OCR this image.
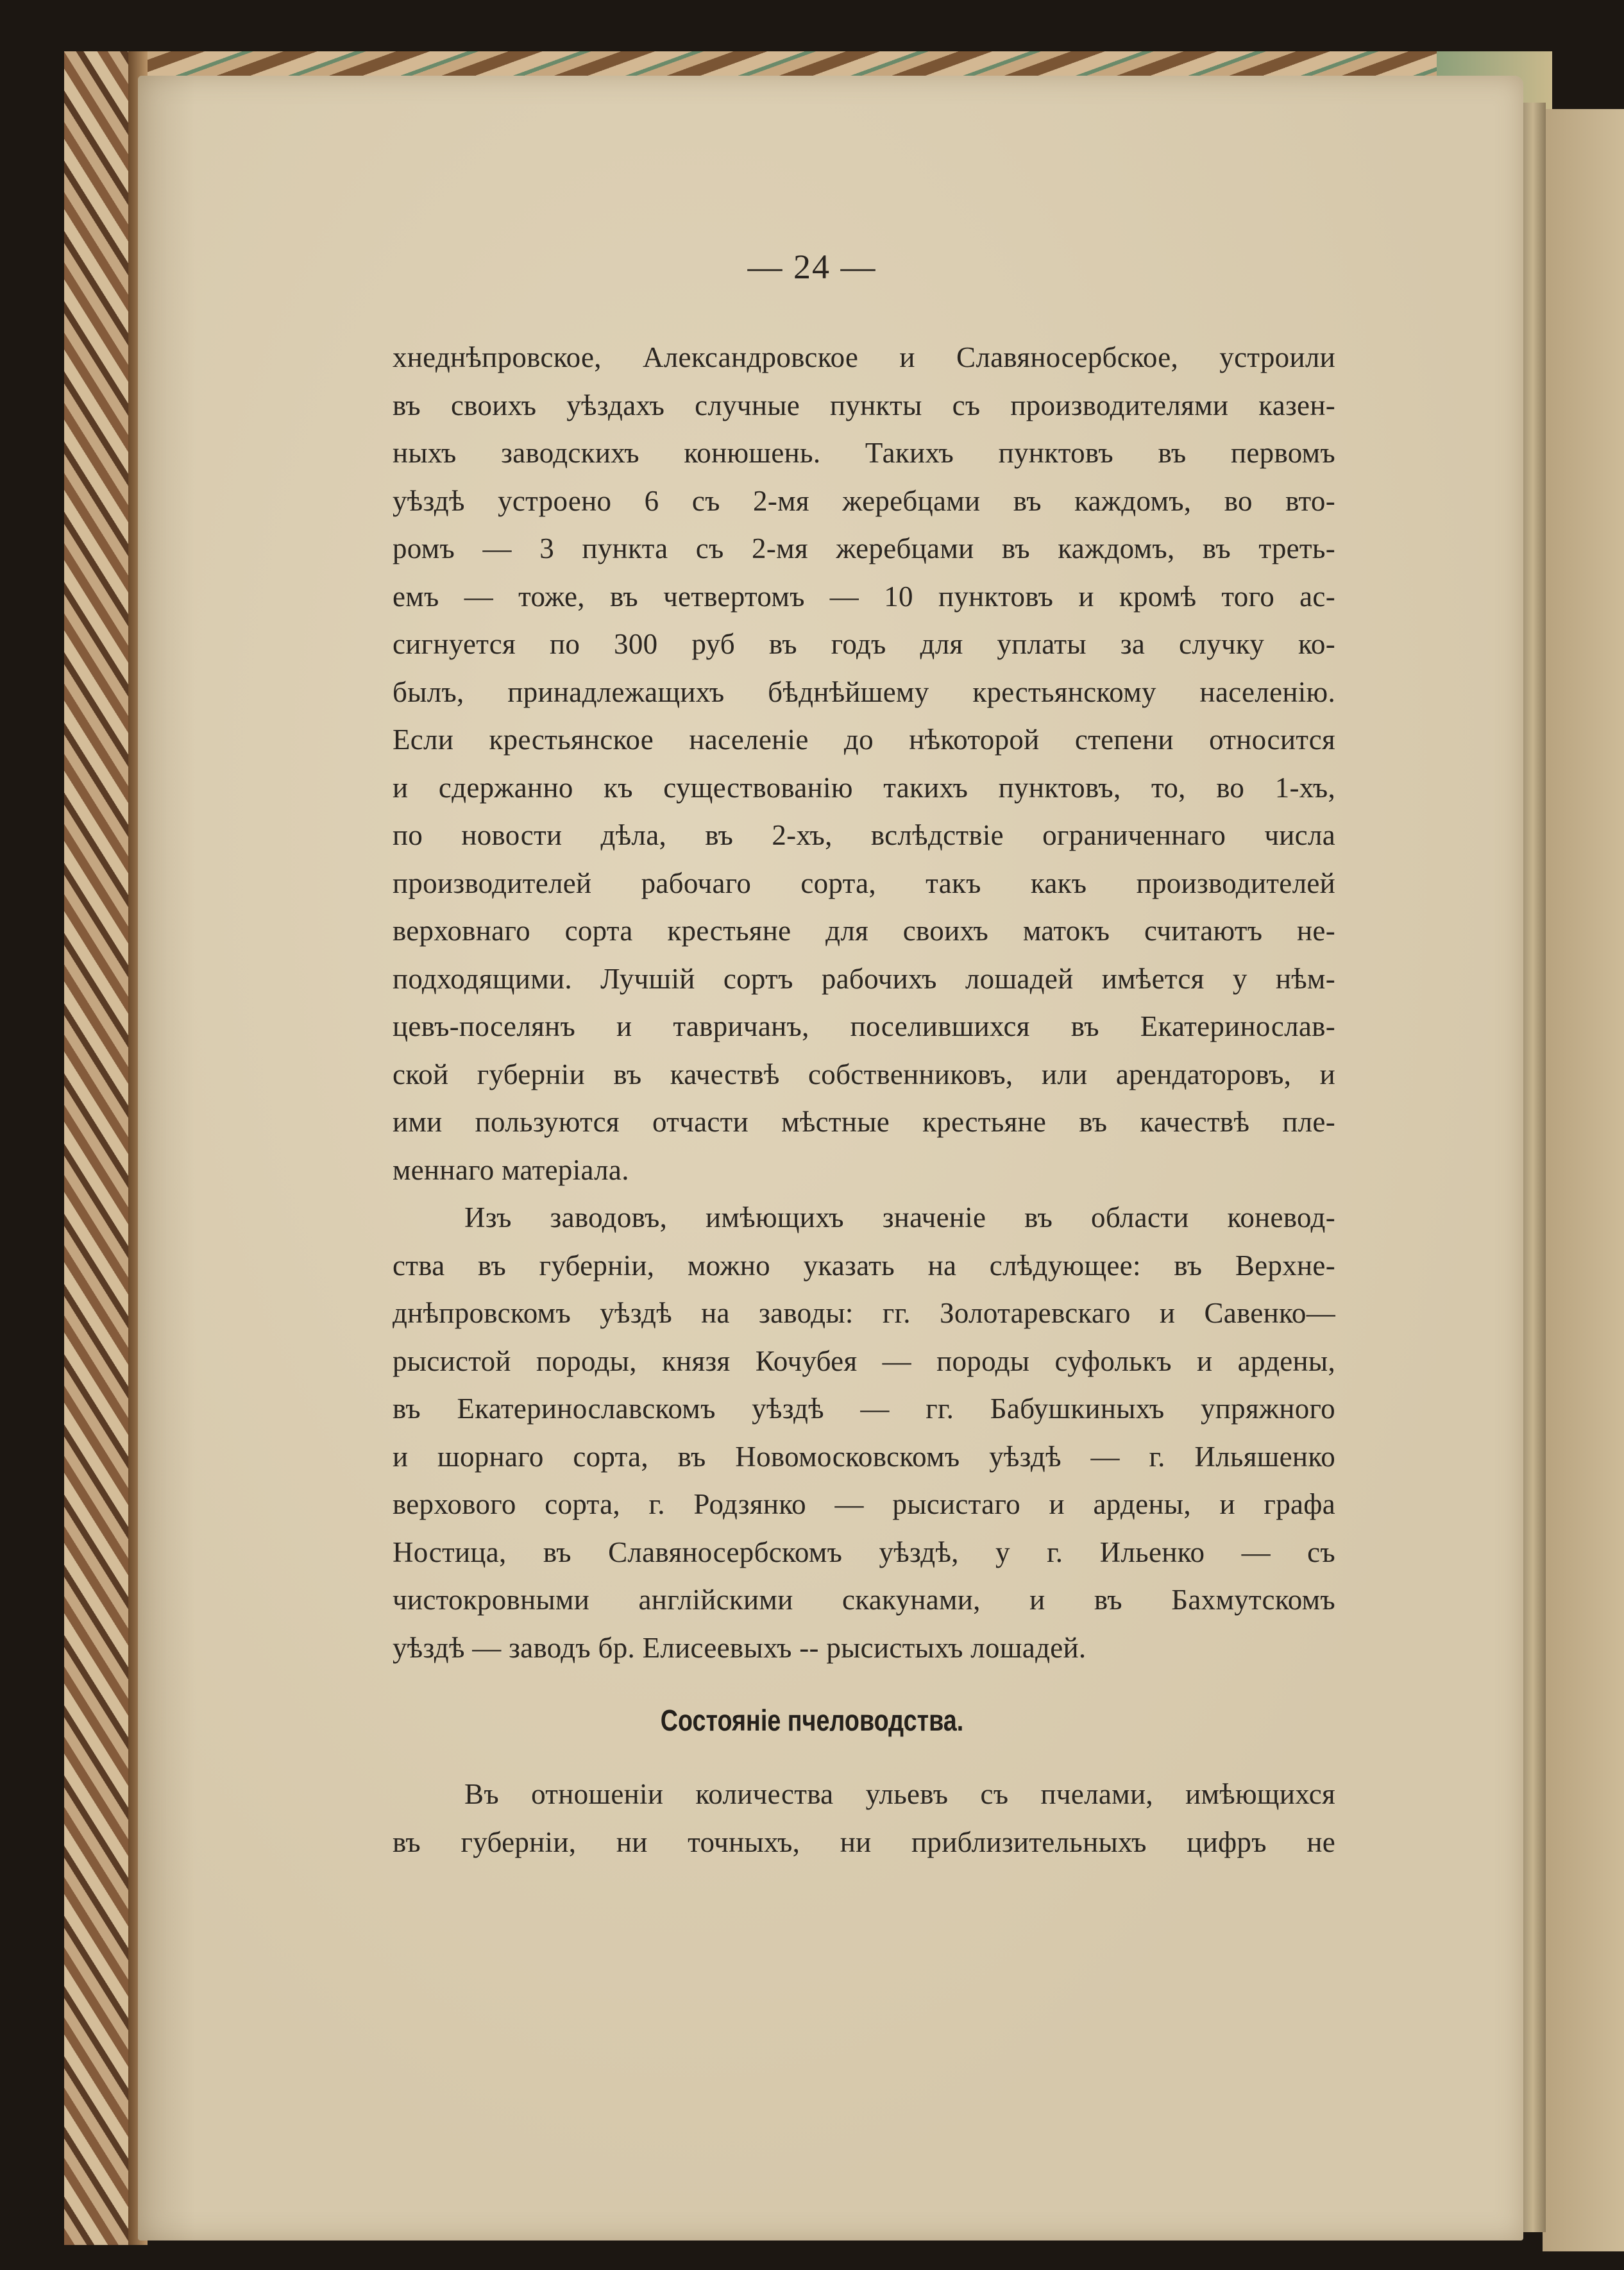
— 24 —
хнеднѣпровское, Александровское и Славяносербское, устроили
въ своихъ уѣздахъ случные пункты съ производителями казен-
ныхъ заводскихъ конюшень. Такихъ пунктовъ въ первомъ
уѣздѣ устроено 6 съ 2-мя жеребцами въ каждомъ, во вто-
ромъ — 3 пункта съ 2-мя жеребцами въ каждомъ, въ треть-
емъ — тоже, въ четвертомъ — 10 пунктовъ и кромѣ того ас-
сигнуется по 300 руб въ годъ для уплаты за случку ко-
былъ, принадлежащихъ бѣднѣйшему крестьянскому населенію.
Если крестьянское населеніе до нѣкоторой степени относится
и сдержанно къ существованію такихъ пунктовъ, то, во 1-хъ,
по новости дѣла, въ 2-хъ, вслѣдствіе ограниченнаго числа
производителей рабочаго сорта, такъ какъ производителей
верховнаго сорта крестьяне для своихъ матокъ считаютъ не-
подходящими. Лучшій сортъ рабочихъ лошадей имѣется у нѣм-
цевъ-поселянъ и тавричанъ, поселившихся въ Екатеринослав-
ской губерніи въ качествѣ собственниковъ, или арендаторовъ, и
ими пользуются отчасти мѣстные крестьяне въ качествѣ пле-
меннаго матеріала.
Изъ заводовъ, имѣющихъ значеніе въ области коневод-
ства въ губерніи, можно указать на слѣдующее: въ Верхне-
днѣпровскомъ уѣздѣ на заводы: гг. Золотаревскаго и Савенко—
рысистой породы, князя Кочубея — породы суфолькъ и ардены,
въ Екатеринославскомъ уѣздѣ — гг. Бабушкиныхъ упряжного
и шорнаго сорта, въ Новомосковскомъ уѣздѣ — г. Ильяшенко
верхового сорта, г. Родзянко — рысистаго и ардены, и графа
Ностица, въ Славяносербскомъ уѣздѣ, у г. Ильенко — съ
чистокровными англійскими скакунами, и въ Бахмутскомъ
уѣздѣ — заводъ бр. Елисеевыхъ -- рысистыхъ лошадей.
Состояніе пчеловодства.
Въ отношеніи количества ульевъ съ пчелами, имѣющихся
въ губерніи, ни точныхъ, ни приблизительныхъ цифръ не
